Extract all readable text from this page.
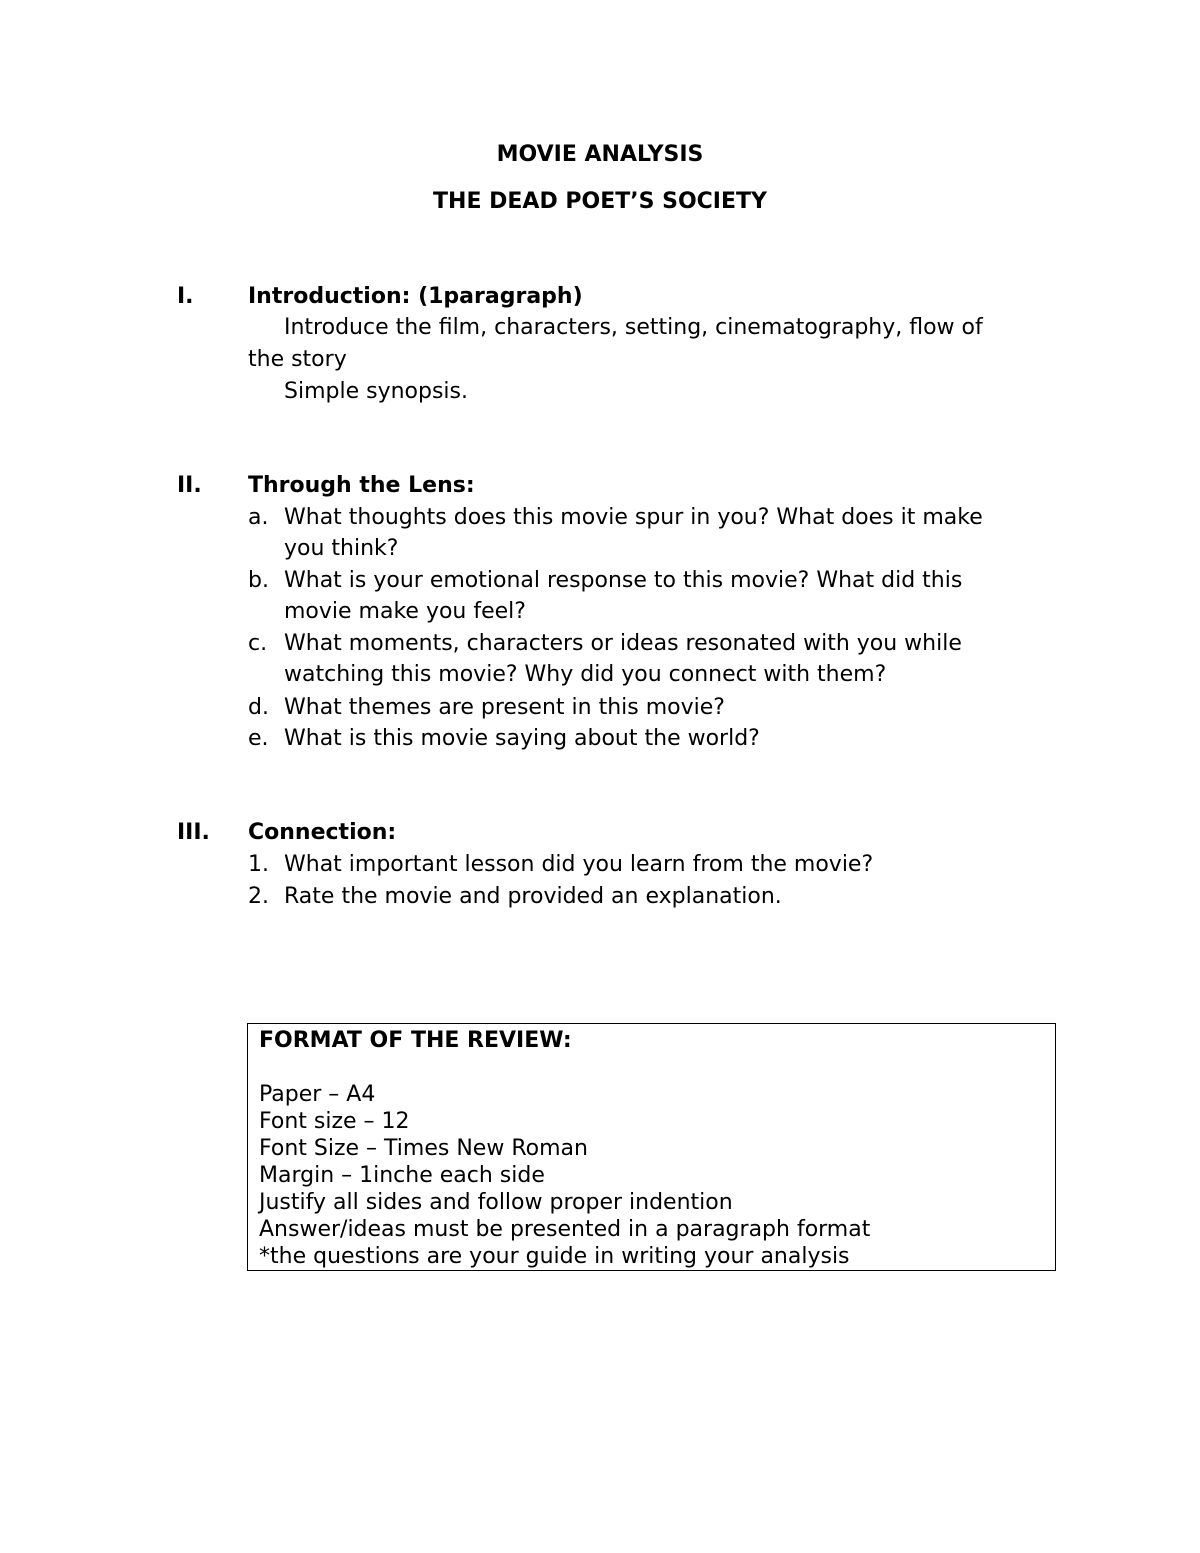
MOVIE ANALYSIS
THE DEAD POET’S SOCIETY
I. Introduction: (1paragraph)
Introduce the film, characters, setting, cinematography, flow of
the story
Simple synopsis.
II. Through the Lens:
a. What thoughts does this movie spur in you? What does it make
you think?
b. What is your emotional response to this movie? What did this
movie make you feel?
c. What moments, characters or ideas resonated with you while
watching this movie? Why did you connect with them?
d. What themes are present in this movie?
e. What is this movie saying about the world?
III. Connection:
1. What important lesson did you learn from the movie?
2. Rate the movie and provided an explanation.
FORMAT OF THE REVIEW:
Paper – A4
Font size – 12
Font Size – Times New Roman
Margin – 1inche each side
Justify all sides and follow proper indention
Answer/ideas must be presented in a paragraph format
*the questions are your guide in writing your analysis
